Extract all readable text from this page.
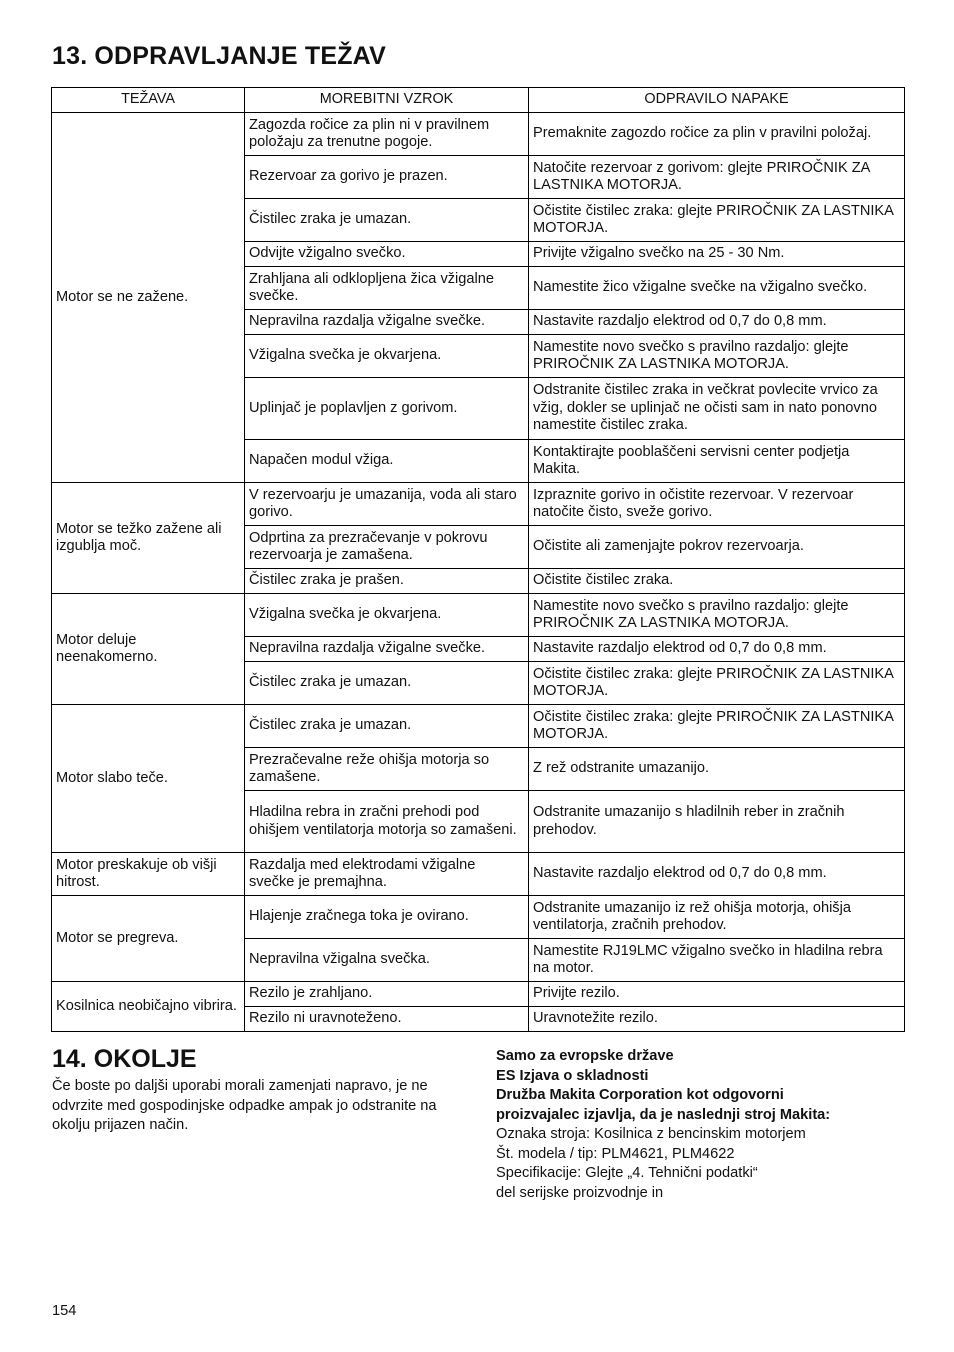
13. ODPRAVLJANJE TEŽAV
TEŽAVA	MOREBITNI VZROK	ODPRAVILO NAPAKE
Motor se ne zažene.	Zagozda ročice za plin ni v pravilnem položaju za trenutne pogoje.	Premaknite zagozdo ročice za plin v pravilni položaj.
	Rezervoar za gorivo je prazen.	Natočite rezervoar z gorivom: glejte PRIROČNIK ZA LASTNIKA MOTORJA.
	Čistilec zraka je umazan.	Očistite čistilec zraka: glejte PRIROČNIK ZA LASTNIKA MOTORJA.
	Odvijte vžigalno svečko.	Privijte vžigalno svečko na 25 - 30 Nm.
	Zrahljana ali odklopljena žica vžigalne svečke.	Namestite žico vžigalne svečke na vžigalno svečko.
	Nepravilna razdalja vžigalne svečke.	Nastavite razdaljo elektrod od 0,7 do 0,8 mm.
	Vžigalna svečka je okvarjena.	Namestite novo svečko s pravilno razdaljo: glejte PRIROČNIK ZA LASTNIKA MOTORJA.
	Uplinjač je poplavljen z gorivom.	Odstranite čistilec zraka in večkrat povlecite vrvico za vžig, dokler se uplinjač ne očisti sam in nato ponovno namestite čistilec zraka.
	Napačen modul vžiga.	Kontaktirajte pooblaščeni servisni center podjetja Makita.
Motor se težko zažene ali izgublja moč.	V rezervoarju je umazanija, voda ali staro gorivo.	Izpraznite gorivo in očistite rezervoar. V rezervoar natočite čisto, sveže gorivo.
	Odprtina za prezračevanje v pokrovu rezervoarja je zamašena.	Očistite ali zamenjajte pokrov rezervoarja.
	Čistilec zraka je prašen.	Očistite čistilec zraka.
Motor deluje neenakomerno.	Vžigalna svečka je okvarjena.	Namestite novo svečko s pravilno razdaljo: glejte PRIROČNIK ZA LASTNIKA MOTORJA.
	Nepravilna razdalja vžigalne svečke.	Nastavite razdaljo elektrod od 0,7 do 0,8 mm.
	Čistilec zraka je umazan.	Očistite čistilec zraka: glejte PRIROČNIK ZA LASTNIKA MOTORJA.
Motor slabo teče.	Čistilec zraka je umazan.	Očistite čistilec zraka: glejte PRIROČNIK ZA LASTNIKA MOTORJA.
	Prezračevalne reže ohišja motorja so zamašene.	Z rež odstranite umazanijo.
	Hladilna rebra in zračni prehodi pod ohišjem ventilatorja motorja so zamašeni.	Odstranite umazanijo s hladilnih reber in zračnih prehodov.
Motor preskakuje ob višji hitrost.	Razdalja med elektrodami vžigalne svečke je premajhna.	Nastavite razdaljo elektrod od 0,7 do 0,8 mm.
Motor se pregreva.	Hlajenje zračnega toka je ovirano.	Odstranite umazanijo iz rež ohišja motorja, ohišja ventilatorja, zračnih prehodov.
	Nepravilna vžigalna svečka.	Namestite RJ19LMC vžigalno svečko in hladilna rebra na motor.
Kosilnica neobičajno vibrira.	Rezilo je zrahljano.	Privijte rezilo.
	Rezilo ni uravnoteženo.	Uravnotežite rezilo.
14. OKOLJE

Če boste po daljši uporabi morali zamenjati napravo, je ne odvrzite med gospodinjske odpadke ampak jo odstranite na okolju prijazen način.

Samo za evropske države
ES Izjava o skladnosti
Družba Makita Corporation kot odgovorni
proizvajalec izjavlja, da je naslednji stroj Makita:
Oznaka stroja: Kosilnica z bencinskim motorjem
Št. modela / tip: PLM4621, PLM4622
Specifikacije: Glejte „4. Tehnični podatki“
del serijske proizvodnje in
154
